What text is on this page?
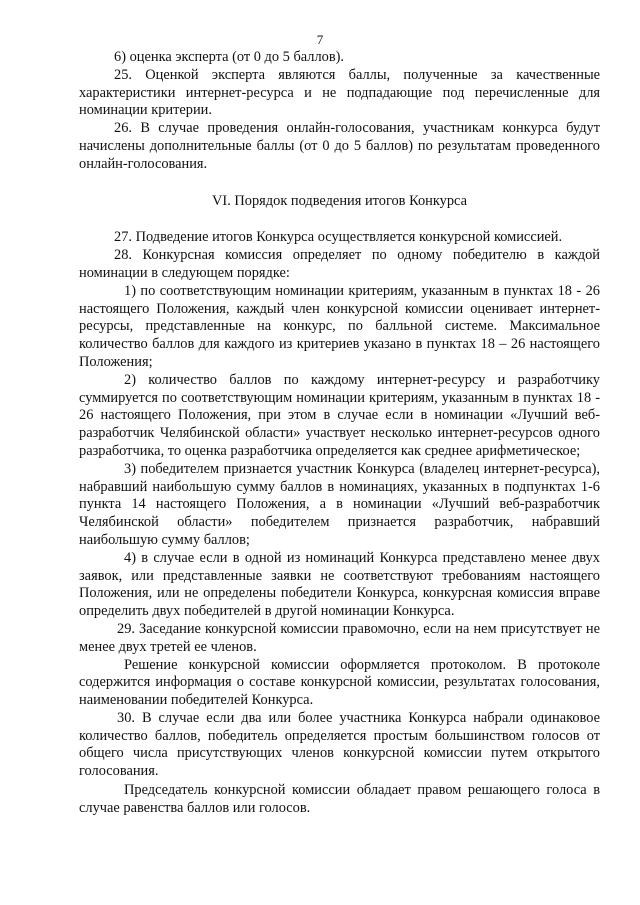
7

6) оценка эксперта (от 0 до 5 баллов).

25. Оценкой эксперта являются баллы, полученные за качественные характеристики интернет-ресурса и не подпадающие под перечисленные для номинации критерии.

26. В случае проведения онлайн-голосования, участникам конкурса будут начислены дополнительные баллы (от 0 до 5 баллов) по результатам проведенного онлайн-голосования.

VI. Порядок подведения итогов Конкурса

27. Подведение итогов Конкурса осуществляется конкурсной комиссией.

28. Конкурсная комиссия определяет по одному победителю в каждой номинации в следующем порядке:

1) по соответствующим номинации критериям, указанным в пунктах 18 - 26 настоящего Положения, каждый член конкурсной комиссии оценивает интернет-ресурсы, представленные на конкурс, по балльной системе. Максимальное количество баллов для каждого из критериев указано в пунктах 18 – 26 настоящего Положения;

2) количество баллов по каждому интернет-ресурсу и разработчику суммируется по соответствующим номинации критериям, указанным в пунктах 18 - 26 настоящего Положения, при этом в случае если в номинации «Лучший веб-разработчик Челябинской области» участвует несколько интернет-ресурсов одного разработчика, то оценка разработчика определяется как среднее арифметическое;

3) победителем признается участник Конкурса (владелец интернет-ресурса), набравший наибольшую сумму баллов в номинациях, указанных в подпунктах 1-6 пункта 14 настоящего Положения, а в номинации «Лучший веб-разработчик Челябинской области» победителем признается разработчик, набравший наибольшую сумму баллов;

4) в случае если в одной из номинаций Конкурса представлено менее двух заявок, или представленные заявки не соответствуют требованиям настоящего Положения, или не определены победители Конкурса, конкурсная комиссия вправе определить двух победителей в другой номинации Конкурса.

29. Заседание конкурсной комиссии правомочно, если на нем присутствует не менее двух третей ее членов.

Решение конкурсной комиссии оформляется протоколом. В протоколе содержится информация о составе конкурсной комиссии, результатах голосования, наименовании победителей Конкурса.

30. В случае если два или более участника Конкурса набрали одинаковое количество баллов, победитель определяется простым большинством голосов от общего числа присутствующих членов конкурсной комиссии путем открытого голосования.

Председатель конкурсной комиссии обладает правом решающего голоса в случае равенства баллов или голосов.
